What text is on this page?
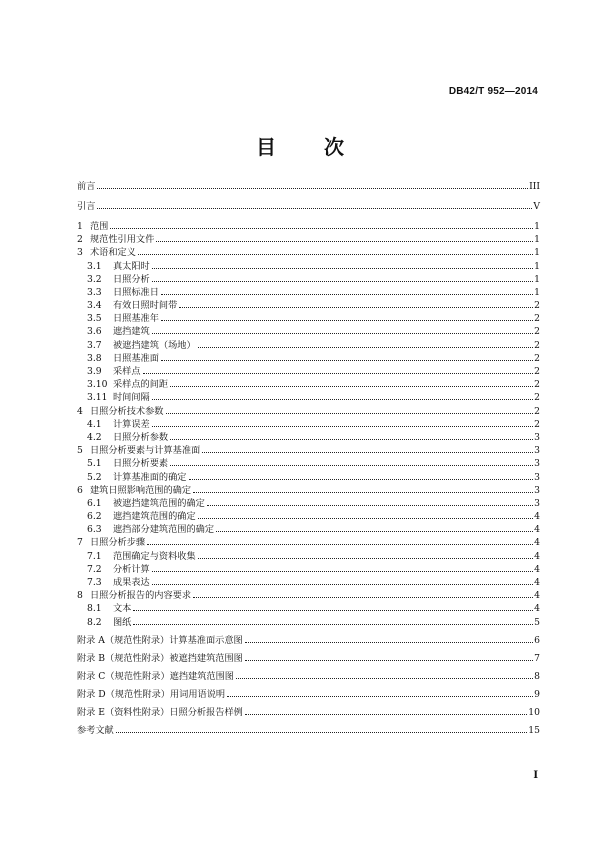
DB42/T 952—2014
目　次
前言	III
引言	V
1 范围	1
2 规范性引用文件	1
3 术语和定义	1
3.1	真太阳时	1
3.2	日照分析	1
3.3	日照标准日	1
3.4	有效日照时间带	2
3.5	日照基准年	2
3.6	遮挡建筑	2
3.7	被遮挡建筑（场地）	2
3.8	日照基准面	2
3.9	采样点	2
3.10 采样点的间距	2
3.11 时间间隔	2
4 日照分析技术参数	2
4.1	计算误差	2
4.2	日照分析参数	3
5 日照分析要素与计算基准面	3
5.1	日照分析要素	3
5.2	计算基准面的确定	3
6 建筑日照影响范围的确定	3
6.1	被遮挡建筑范围的确定	3
6.2	遮挡建筑范围的确定	4
6.3	遮挡部分建筑范围的确定	4
7 日照分析步骤	4
7.1	范围确定与资料收集	4
7.2	分析计算	4
7.3	成果表达	4
8 日照分析报告的内容要求	4
8.1	文本	4
8.2	图纸	5
附录 A（规范性附录）计算基准面示意图	6
附录 B（规范性附录）被遮挡建筑范围图	7
附录 C（规范性附录）遮挡建筑范围图	8
附录 D（规范性附录）用词用语说明	9
附录 E（资料性附录）日照分析报告样例	10
参考文献	15
I
